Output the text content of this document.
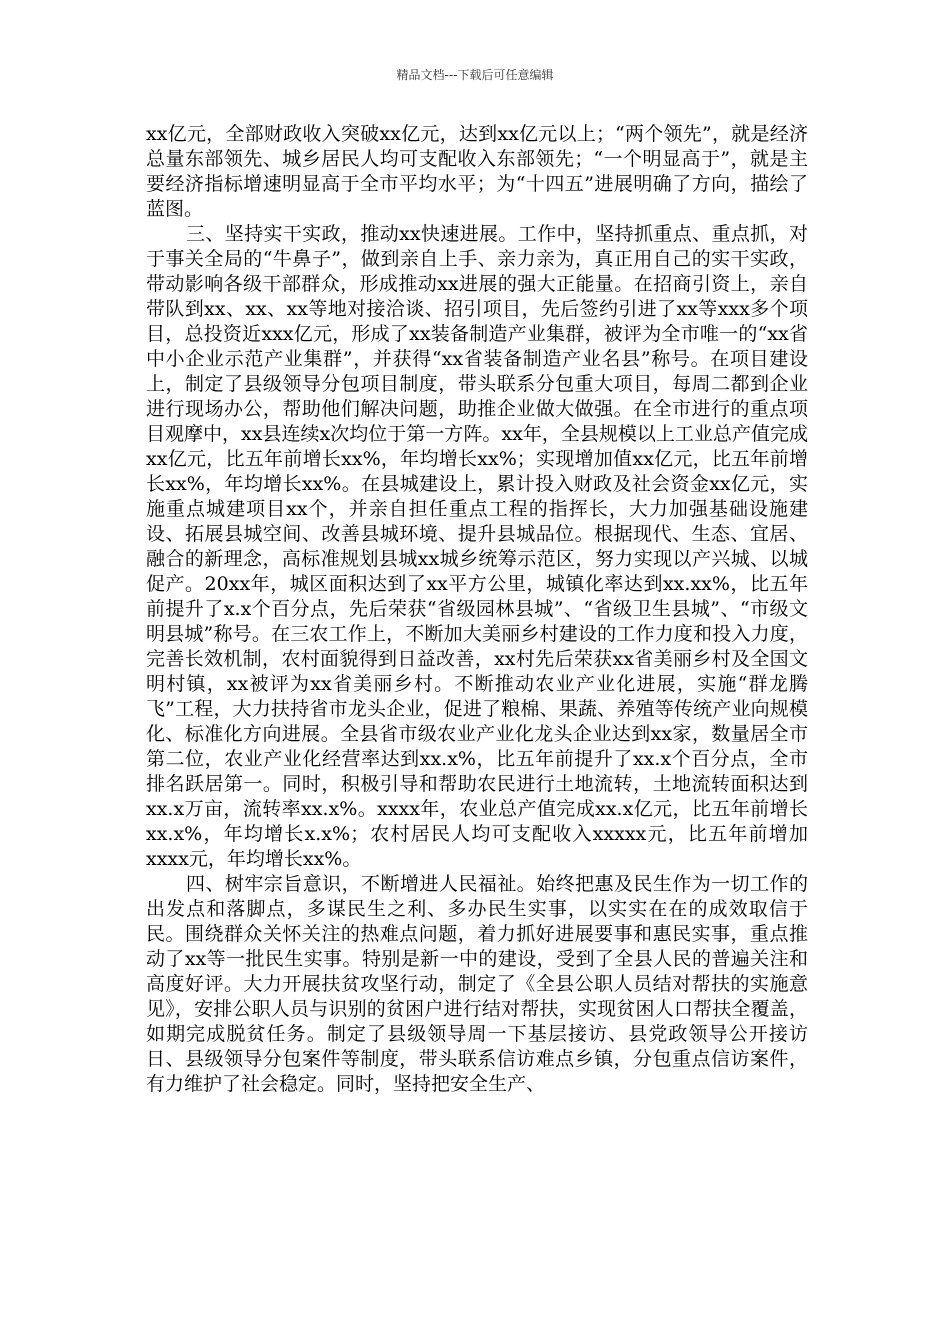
精品文档---下载后可任意编辑

xx亿元，全部财政收入突破xx亿元，达到xx亿元以上；“两个领先”，就是经济总量东部领先、城乡居民人均可支配收入东部领先；“一个明显高于”，就是主要经济指标增速明显高于全市平均水平；为“十四五”进展明确了方向，描绘了蓝图。

三、坚持实干实政，推动xx快速进展。工作中，坚持抓重点、重点抓，对于事关全局的“牛鼻子”，做到亲自上手、亲力亲为，真正用自己的实干实政，带动影响各级干部群众，形成推动xx进展的强大正能量。在招商引资上，亲自带队到xx、xx、xx等地对接洽谈、招引项目，先后签约引进了xx等xxx多个项目，总投资近xxx亿元，形成了xx装备制造产业集群，被评为全市唯一的“xx省中小企业示范产业集群”，并获得“xx省装备制造产业名县”称号。在项目建设上，制定了县级领导分包项目制度，带头联系分包重大项目，每周二都到企业进行现场办公，帮助他们解决问题，助推企业做大做强。在全市进行的重点项目观摩中，xx县连续x次均位于第一方阵。xx年，全县规模以上工业总产值完成xx亿元，比五年前增长xx%，年均增长xx%；实现增加值xx亿元，比五年前增长xx%，年均增长xx%。在县城建设上，累计投入财政及社会资金xx亿元，实施重点城建项目xx个，并亲自担任重点工程的指挥长，大力加强基础设施建设、拓展县城空间、改善县城环境、提升县城品位。根据现代、生态、宜居、融合的新理念，高标准规划县城xx城乡统筹示范区，努力实现以产兴城、以城促产。20xx年，城区面积达到了xx平方公里，城镇化率达到xx.xx%，比五年前提升了x.x个百分点，先后荣获“省级园林县城”、“省级卫生县城”、“市级文明县城”称号。在三农工作上，不断加大美丽乡村建设的工作力度和投入力度，完善长效机制，农村面貌得到日益改善，xx村先后荣获xx省美丽乡村及全国文明村镇，xx被评为xx省美丽乡村。不断推动农业产业化进展，实施“群龙腾飞”工程，大力扶持省市龙头企业，促进了粮棉、果蔬、养殖等传统产业向规模化、标准化方向进展。全县省市级农业产业化龙头企业达到xx家，数量居全市第二位，农业产业化经营率达到xx.x%，比五年前提升了xx.x个百分点，全市排名跃居第一。同时，积极引导和帮助农民进行土地流转，土地流转面积达到xx.x万亩，流转率xx.x%。xxxx年，农业总产值完成xx.x亿元，比五年前增长xx.x%，年均增长x.x%；农村居民人均可支配收入xxxxx元，比五年前增加xxxx元，年均增长xx%。

四、树牢宗旨意识，不断增进人民福祉。始终把惠及民生作为一切工作的出发点和落脚点，多谋民生之利、多办民生实事，以实实在在的成效取信于民。围绕群众关怀关注的热难点问题，着力抓好进展要事和惠民实事，重点推动了xx等一批民生实事。特别是新一中的建设，受到了全县人民的普遍关注和高度好评。大力开展扶贫攻坚行动，制定了《全县公职人员结对帮扶的实施意见》，安排公职人员与识别的贫困户进行结对帮扶，实现贫困人口帮扶全覆盖，如期完成脱贫任务。制定了县级领导周一下基层接访、县党政领导公开接访日、县级领导分包案件等制度，带头联系信访难点乡镇，分包重点信访案件，有力维护了社会稳定。同时，坚持把安全生产、
